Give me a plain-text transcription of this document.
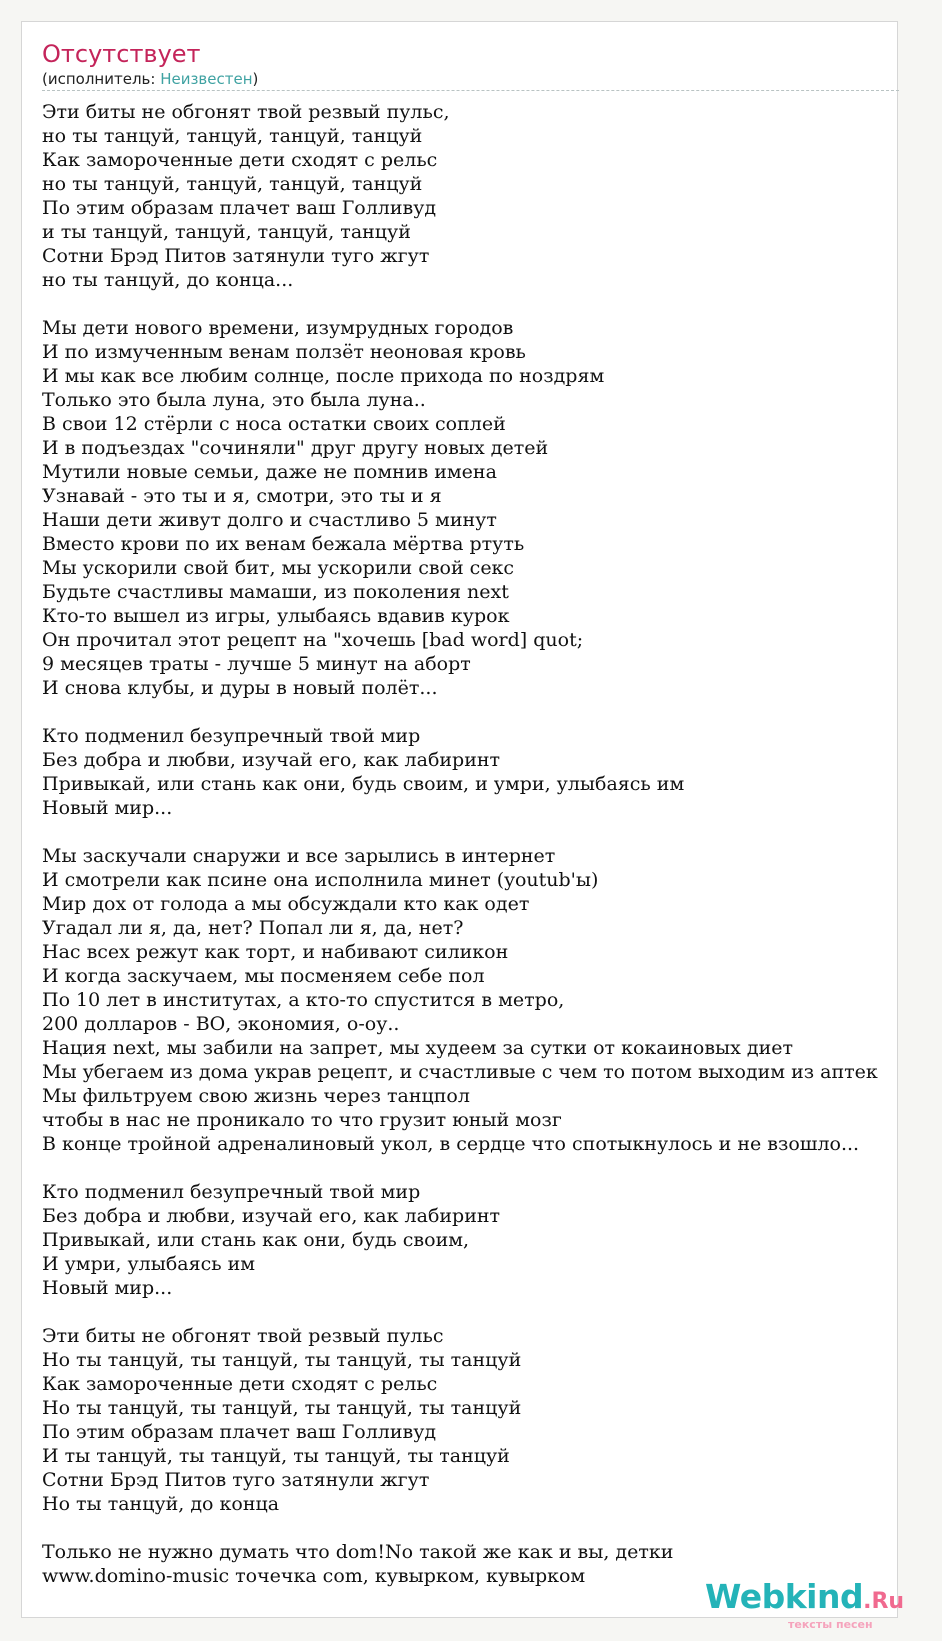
Отсутствует
(исполнитель: Неизвестен)
Эти биты не обгонят твой резвый пульс,
но ты танцуй, танцуй, танцуй, танцуй
Как замороченные дети сходят с рельс
но ты танцуй, танцуй, танцуй, танцуй
По этим образам плачет ваш Голливуд
и ты танцуй, танцуй, танцуй, танцуй
Сотни Брэд Питов затянули туго жгут
но ты танцуй, до конца...
Мы дети нового времени, изумрудных городов
И по измученным венам ползёт неоновая кровь
И мы как все любим солнце, после прихода по ноздрям
Только это была луна, это была луна..
В свои 12 стёрли с носа остатки своих соплей
И в подъездах "сочиняли" друг другу новых детей
Мутили новые семьи, даже не помнив имена
Узнавай - это ты и я, смотри, это ты и я
Наши дети живут долго и счастливо 5 минут
Вместо крови по их венам бежала мёртва ртуть
Мы ускорили свой бит, мы ускорили свой секс
Будьте счастливы мамаши, из поколения next
Кто-то вышел из игры, улыбаясь вдавив курок
Он прочитал этот рецепт на "хочешь [bad word] quot;
9 месяцев траты - лучше 5 минут на аборт
И снова клубы, и дуры в новый полёт...
Кто подменил безупречный твой мир
Без добра и любви, изучай его, как лабиринт
Привыкай, или стань как они, будь своим, и умри, улыбаясь им
Новый мир...
Мы заскучали снаружи и все зарылись в интернет
И смотрели как псине она исполнила минет (youtub'ы)
Мир дох от голода а мы обсуждали кто как одет
Угадал ли я, да, нет? Попал ли я, да, нет?
Нас всех режут как торт, и набивают силикон
И когда заскучаем, мы посменяем себе пол
По 10 лет в институтах, а кто-то спустится в метро,
200 долларов - ВО, экономия, о-оу..
Нация next, мы забили на запрет, мы худеем за сутки от кокаиновых диет
Мы убегаем из дома украв рецепт, и счастливые с чем то потом выходим из аптек
Мы фильтруем свою жизнь через танцпол
чтобы в нас не проникало то что грузит юный мозг
В конце тройной адреналиновый укол, в сердце что спотыкнулось и не взошло...
Кто подменил безупречный твой мир
Без добра и любви, изучай его, как лабиринт
Привыкай, или стань как они, будь своим,
И умри, улыбаясь им
Новый мир...
Эти биты не обгонят твой резвый пульс
Но ты танцуй, ты танцуй, ты танцуй, ты танцуй
Как замороченные дети сходят с рельс
Но ты танцуй, ты танцуй, ты танцуй, ты танцуй
По этим образам плачет ваш Голливуд
И ты танцуй, ты танцуй, ты танцуй, ты танцуй
Сотни Брэд Питов туго затянули жгут
Но ты танцуй, до конца
Только не нужно думать что dom!No такой же как и вы, детки
www.domino-music точечка com, кувырком, кувырком
Webkind.Ru
тексты песен
